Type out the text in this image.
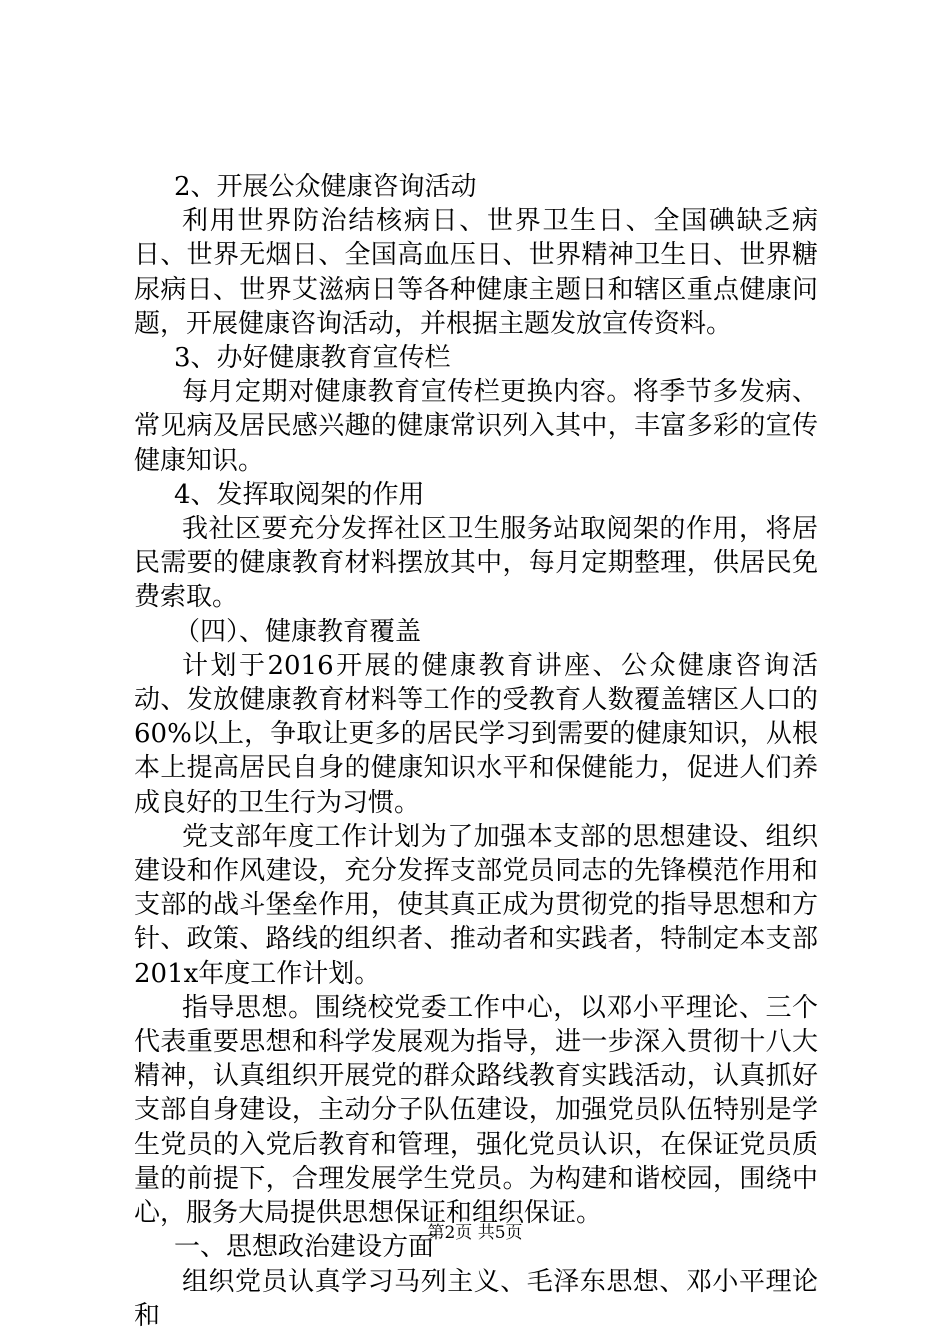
2、开展公众健康咨询活动

利用世界防治结核病日、世界卫生日、全国碘缺乏病日、世界无烟日、全国高血压日、世界精神卫生日、世界糖尿病日、世界艾滋病日等各种健康主题日和辖区重点健康问题，开展健康咨询活动，并根据主题发放宣传资料。

3、办好健康教育宣传栏

每月定期对健康教育宣传栏更换内容。将季节多发病、常见病及居民感兴趣的健康常识列入其中，丰富多彩的宣传健康知识。

4、发挥取阅架的作用

我社区要充分发挥社区卫生服务站取阅架的作用，将居民需要的健康教育材料摆放其中，每月定期整理，供居民免费索取。

（四）、健康教育覆盖

计划于2016开展的健康教育讲座、公众健康咨询活动、发放健康教育材料等工作的受教育人数覆盖辖区人口的60%以上，争取让更多的居民学习到需要的健康知识，从根本上提高居民自身的健康知识水平和保健能力，促进人们养成良好的卫生行为习惯。

党支部年度工作计划为了加强本支部的思想建设、组织建设和作风建设，充分发挥支部党员同志的先锋模范作用和支部的战斗堡垒作用，使其真正成为贯彻党的指导思想和方针、政策、路线的组织者、推动者和实践者，特制定本支部201x年度工作计划。

指导思想。围绕校党委工作中心，以邓小平理论、三个代表重要思想和科学发展观为指导，进一步深入贯彻十八大精神，认真组织开展党的群众路线教育实践活动，认真抓好支部自身建设，主动分子队伍建设，加强党员队伍特别是学生党员的入党后教育和管理，强化党员认识，在保证党员质量的前提下，合理发展学生党员。为构建和谐校园，围绕中心，服务大局提供思想保证和组织保证。

一、思想政治建设方面

组织党员认真学习马列主义、毛泽东思想、邓小平理论和

第2页 共5页
